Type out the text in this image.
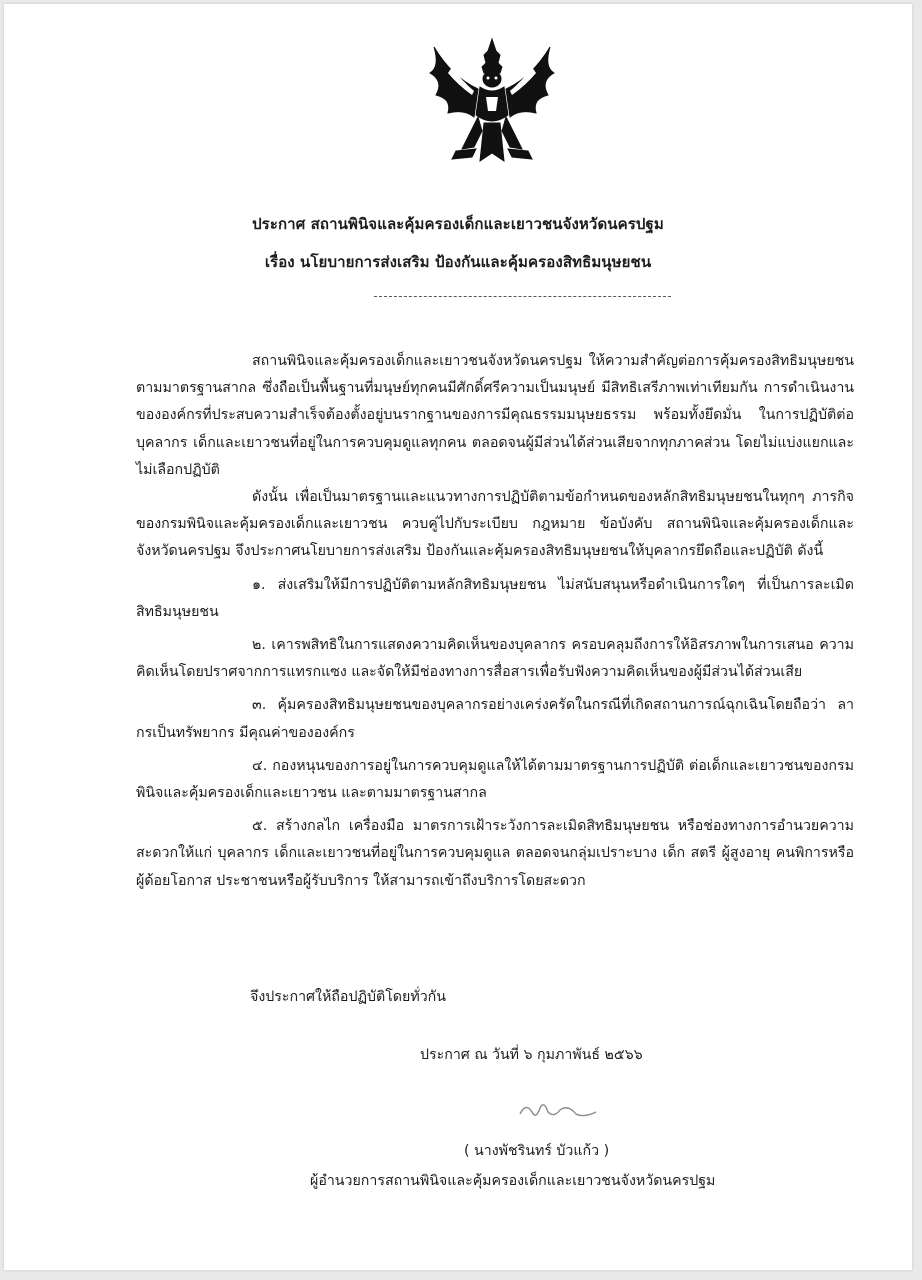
ประกาศ สถานพินิจและคุ้มครองเด็กและเยาวชนจังหวัดนครปฐม
เรื่อง นโยบายการส่งเสริม ป้องกันและคุ้มครองสิทธิมนุษยชน

สถานพินิจและคุ้มครองเด็กและเยาวชนจังหวัดนครปฐม ให้ความสำคัญต่อการคุ้มครองสิทธิมนุษยชนตามมาตรฐานสากล ซึ่งถือเป็นพื้นฐานที่มนุษย์ทุกคนมีศักดิ์ศรีความเป็นมนุษย์ มีสิทธิเสรีภาพเท่าเทียมกัน การดำเนินงานขององค์กรที่ประสบความสำเร็จต้องตั้งอยู่บนรากฐานของการมีคุณธรรมมนุษยธรรม พร้อมทั้งยึดมั่น ในการปฏิบัติต่อบุคลากร เด็กและเยาวชนที่อยู่ในการควบคุมดูแลทุกคน ตลอดจนผู้มีส่วนได้ส่วนเสียจากทุกภาคส่วน โดยไม่แบ่งแยกและไม่เลือกปฏิบัติ

ดังนั้น เพื่อเป็นมาตรฐานและแนวทางการปฏิบัติตามข้อกำหนดของหลักสิทธิมนุษยชนในทุกๆ ภารกิจของกรมพินิจและคุ้มครองเด็กและเยาวชน ควบคู่ไปกับระเบียบ กฎหมาย ข้อบังคับ สถานพินิจและคุ้มครองเด็กและจังหวัดนครปฐม จึงประกาศนโยบายการส่งเสริม ป้องกันและคุ้มครองสิทธิมนุษยชนให้บุคลากรยึดถือและปฏิบัติ ดังนี้

๑. ส่งเสริมให้มีการปฏิบัติตามหลักสิทธิมนุษยชน ไม่สนับสนุนหรือดำเนินการใดๆ ที่เป็นการละเมิดสิทธิมนุษยชน

๒. เคารพสิทธิในการแสดงความคิดเห็นของบุคลากร ครอบคลุมถึงการให้อิสรภาพในการเสนอ ความคิดเห็นโดยปราศจากการแทรกแซง และจัดให้มีช่องทางการสื่อสารเพื่อรับฟังความคิดเห็นของผู้มีส่วนได้ส่วนเสีย

๓. คุ้มครองสิทธิมนุษยชนของบุคลากรอย่างเคร่งครัดในกรณีที่เกิดสถานการณ์ฉุกเฉินโดยถือว่า ลากรเป็นทรัพยากร มีคุณค่าขององค์กร

๔. กองหนุนของการอยู่ในการควบคุมดูแลให้ได้ตามมาตรฐานการปฏิบัติ ต่อเด็กและเยาวชนของกรมพินิจและคุ้มครองเด็กและเยาวชน และตามมาตรฐานสากล

๕. สร้างกลไก เครื่องมือ มาตรการเฝ้าระวังการละเมิดสิทธิมนุษยชน หรือช่องทางการอำนวยความสะดวกให้แก่ บุคลากร เด็กและเยาวชนที่อยู่ในการควบคุมดูแล ตลอดจนกลุ่มเปราะบาง เด็ก สตรี ผู้สูงอายุ คนพิการหรือผู้ด้อยโอกาส ประชาชนหรือผู้รับบริการ ให้สามารถเข้าถึงบริการโดยสะดวก

จึงประกาศให้ถือปฏิบัติโดยทั่วกัน
ประกาศ ณ วันที่ ๖ กุมภาพันธ์ ๒๕๖๖
( นางพัชรินทร์ บัวแก้ว )
ผู้อำนวยการสถานพินิจและคุ้มครองเด็กและเยาวชนจังหวัดนครปฐม
